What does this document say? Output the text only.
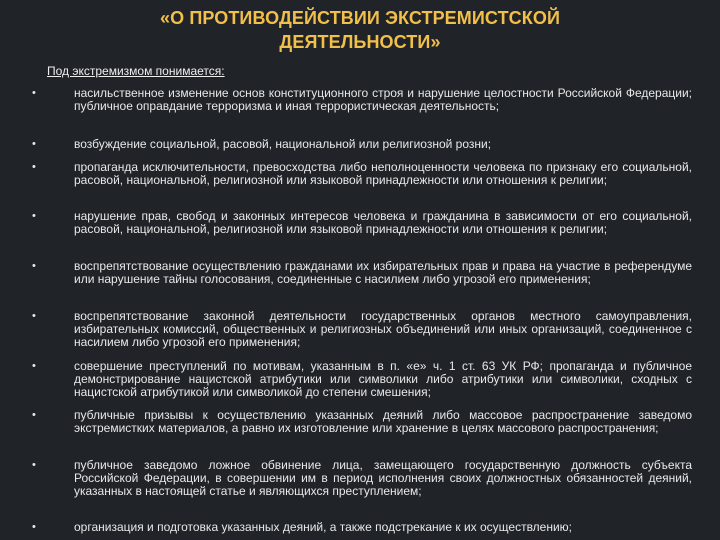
«О ПРОТИВОДЕЙСТВИИ ЭКСТРЕМИСТСКОЙ
ДЕЯТЕЛЬНОСТИ»
Под экстремизмом понимается:
•	насильственное изменение основ конституционного строя и нарушение целостности Российской Федерации; публичное оправдание терроризма и иная террористическая деятельность;
•	возбуждение социальной, расовой, национальной или религиозной розни;
•	пропаганда исключительности, превосходства либо неполноценности человека по признаку его социальной, расовой, национальной, религиозной или языковой принадлежности или отношения к религии;
•	нарушение прав, свобод и законных интересов человека и гражданина в зависимости от его социальной, расовой, национальной, религиозной или языковой принадлежности или отношения к религии;
•	воспрепятствование осуществлению гражданами их избирательных прав и права на участие в референдуме или нарушение тайны голосования, соединенные с насилием либо угрозой его применения;
•	воспрепятствование законной деятельности государственных органов местного самоуправления, избирательных комиссий, общественных и религиозных объединений или иных организаций, соединенное с насилием либо угрозой его применения;
•	совершение преступлений по мотивам, указанным в п. «е» ч. 1 ст. 63 УК РФ; пропаганда и публичное демонстрирование нацистской атрибутики или символики либо атрибутики или символики, сходных с нацистской атрибутикой или символикой до степени смешения;
•	публичные призывы к осуществлению указанных деяний либо массовое распространение заведомо экстремистких материалов, а равно их изготовление или хранение в целях массового распространения;
•	публичное заведомо ложное обвинение лица, замещающего государственную должность субъекта Российской Федерации, в совершении им в период исполнения своих должностных обязанностей деяний, указанных в настоящей статье и являющихся преступлением;
•	организация и подготовка указанных деяний, а также подстрекание к их осуществлению;
